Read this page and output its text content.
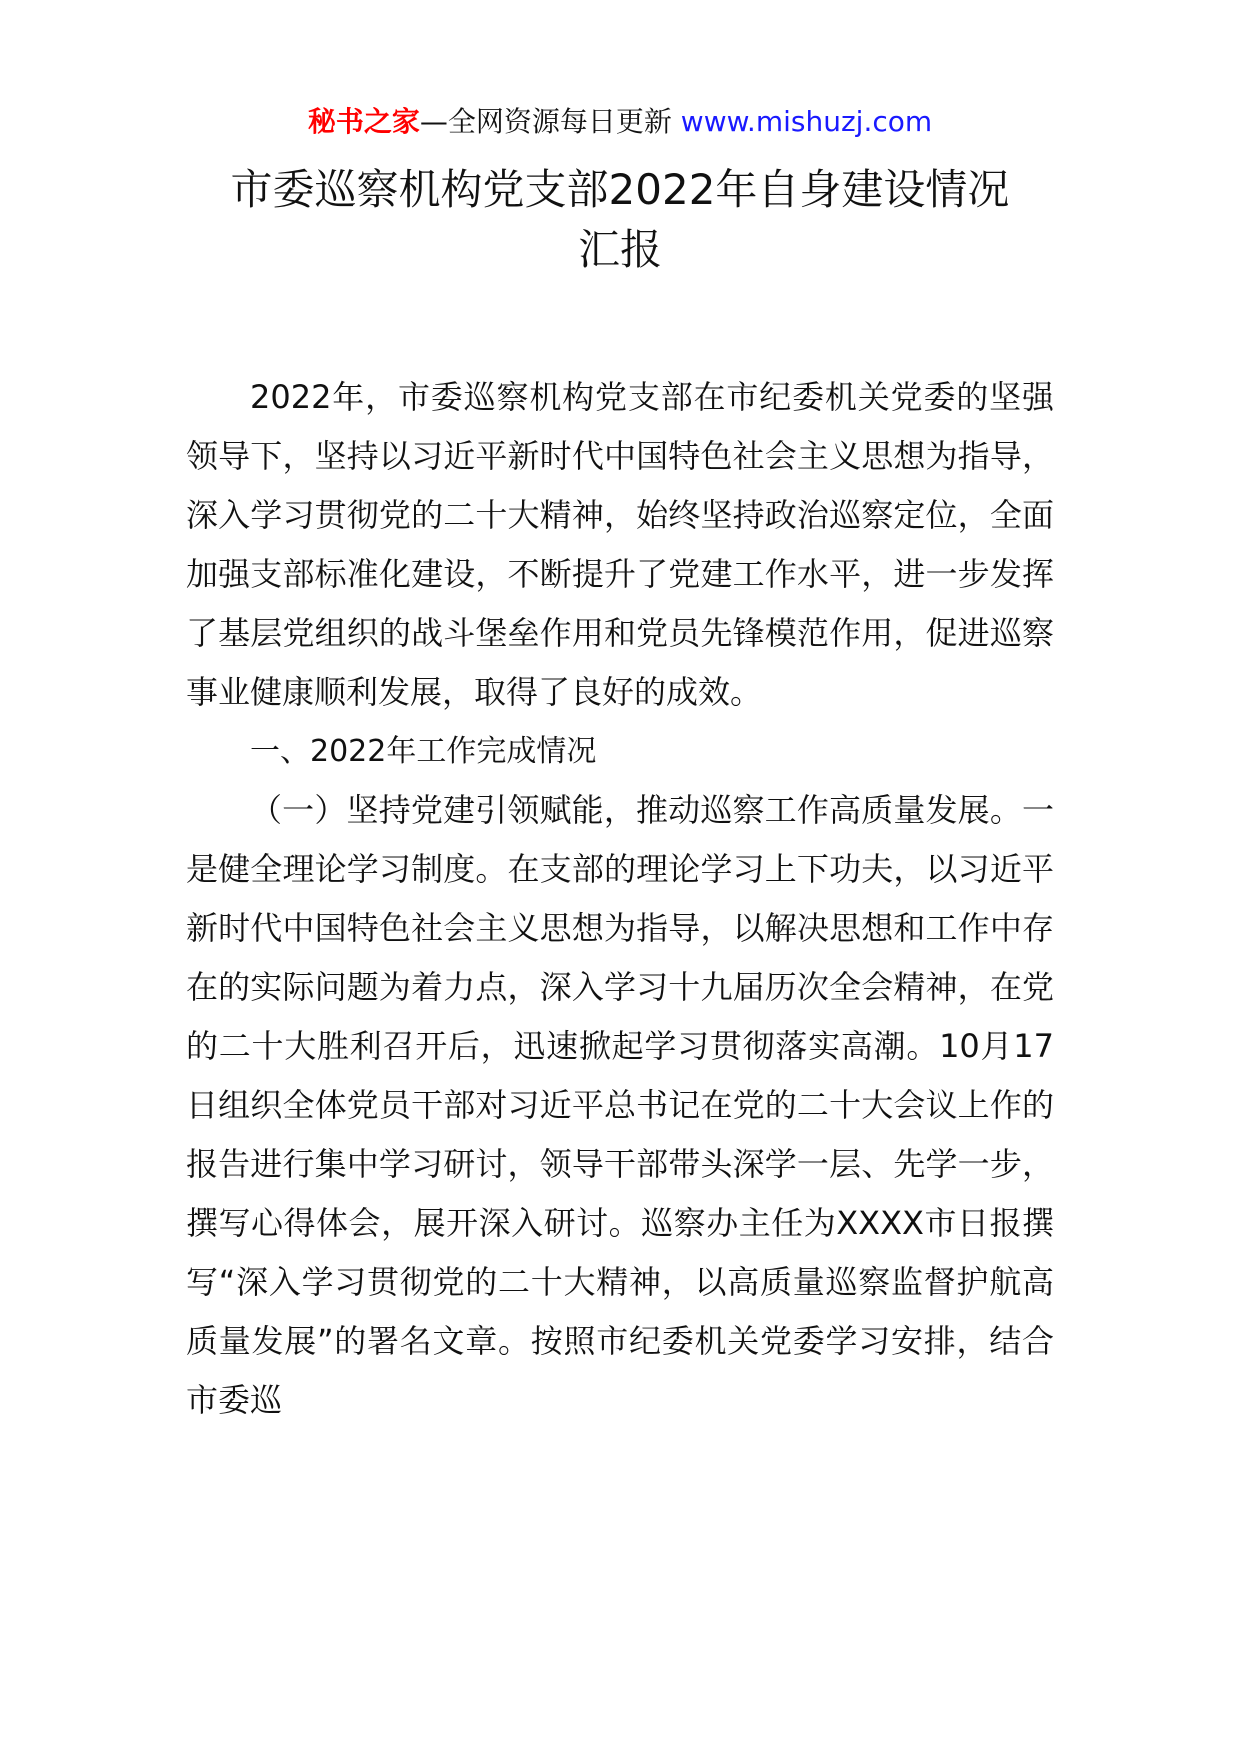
秘书之家—全网资源每日更新 www.mishuzj.com
市委巡察机构党支部2022年自身建设情况
汇报

2022年，市委巡察机构党支部在市纪委机关党委的坚强领导下，坚持以习近平新时代中国特色社会主义思想为指导，深入学习贯彻党的二十大精神，始终坚持政治巡察定位，全面加强支部标准化建设，不断提升了党建工作水平，进一步发挥了基层党组织的战斗堡垒作用和党员先锋模范作用，促进巡察事业健康顺利发展，取得了良好的成效。

一、2022年工作完成情况

（一）坚持党建引领赋能，推动巡察工作高质量发展。一是健全理论学习制度。在支部的理论学习上下功夫，以习近平新时代中国特色社会主义思想为指导，以解决思想和工作中存在的实际问题为着力点，深入学习十九届历次全会精神，在党的二十大胜利召开后，迅速掀起学习贯彻落实高潮。10月17日组织全体党员干部对习近平总书记在党的二十大会议上作的报告进行集中学习研讨，领导干部带头深学一层、先学一步，撰写心得体会，展开深入研讨。巡察办主任为XXXX市日报撰写“深入学习贯彻党的二十大精神，以高质量巡察监督护航高质量发展”的署名文章。按照市纪委机关党委学习安排，结合市委巡
